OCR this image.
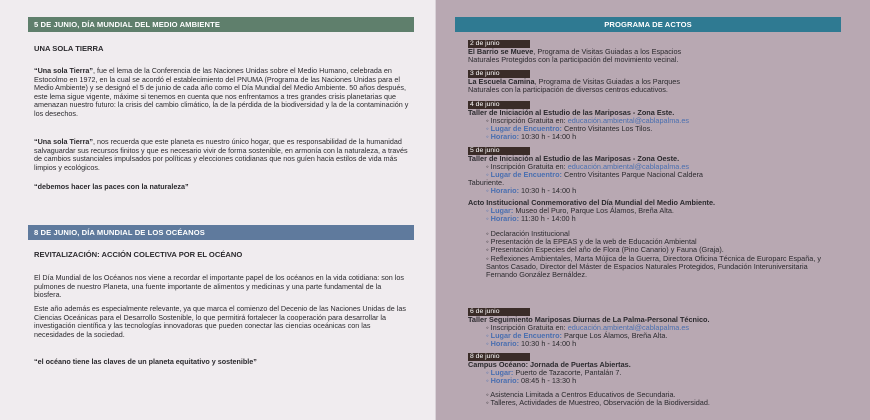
5 DE JUNIO, DÍA MUNDIAL DEL MEDIO AMBIENTE
UNA SOLA TIERRA
“Una sola Tierra”, fue el lema de la Conferencia de las Naciones Unidas sobre el Medio Humano, celebrada en Estocolmo en 1972, en la cual se acordó el establecimiento del PNUMA (Programa de las Naciones Unidas para el Medio Ambiente) y se designó el 5 de junio de cada año como el Día Mundial del Medio Ambiente. 50 años después, este lema sigue vigente, máxime si tenemos en cuenta que nos enfrentamos a tres grandes crisis planetarias que amenazan nuestro futuro: la crisis del cambio climático, la de la pérdida de la biodiversidad y la de la contaminación y los desechos.
“Una sola Tierra”, nos recuerda que este planeta es nuestro único hogar, que es responsabilidad de la humanidad salvaguardar sus recursos finitos y que es necesario vivir de forma sostenible, en armonía con la naturaleza, a través de cambios sustanciales impulsados por políticas y elecciones cotidianas que nos guíen hacia estilos de vida más limpios y ecológicos.
“debemos hacer las paces con la naturaleza”
8 DE JUNIO, DÍA MUNDIAL DE LOS OCÉANOS
REVITALIZACIÓN: ACCIÓN COLECTIVA POR EL OCÉANO
El Día Mundial de los Océanos nos viene a recordar el importante papel de los océanos en la vida cotidiana: son los pulmones de nuestro Planeta, una fuente importante de alimentos y medicinas y una parte fundamental de la biosfera.
Este año además es especialmente relevante, ya que marca el comienzo del Decenio de las Naciones Unidas de las Ciencias Oceánicas para el Desarrollo Sostenible, lo que permitirá fortalecer la cooperación para desarrollar la investigación científica y las tecnologías innovadoras que pueden conectar las ciencias oceánicas con las necesidades de la sociedad.
“el océano tiene las claves de un planeta equitativo y sostenible”
PROGRAMA DE ACTOS
2 de junio
El Barrio se Mueve, Programa de Visitas Guiadas a los Espacios
Naturales Protegidos con la participación del movimiento vecinal.
3 de junio
La Escuela Camina, Programa de Visitas Guiadas a los Parques
Naturales con la participación de diversos centros educativos.
4 de junio
Taller de Iniciación al Estudio de las Mariposas - Zona Este.
◦ Inscripción Gratuita en: educación.ambiental@cablapalma.es
◦ Lugar de Encuentro: Centro Visitantes Los Tilos.
◦ Horario: 10:30 h - 14:00 h
5 de junio
Taller de Iniciación al Estudio de las Mariposas - Zona Oeste.
◦ Inscripción Gratuita en: educación.ambiental@cablapalma.es
◦ Lugar de Encuentro: Centro Visitantes Parque Nacional Caldera
Taburiente.
◦ Horario: 10:30 h - 14:00 h
Acto Institucional Conmemorativo del Día Mundial del Medio Ambiente.
◦ Lugar: Museo del Puro, Parque Los Álamos, Breña Alta.
◦ Horario: 11:30 h - 14:00 h
◦ Declaración Institucional
◦ Presentación de la EPEAS y de la web de Educación Ambiental
◦ Presentación Especies del año de Flora (Pino Canario) y Fauna (Graja).
◦ Reflexiones Ambientales, Marta Mújica de la Guerra, Directora Oficina Técnica de Europarc España, y Santos Casado, Director del Máster de Espacios Naturales Protegidos, Fundación Interuniversitaria Fernando González Bernáldez.
6 de junio
Taller Seguimiento Mariposas Diurnas de La Palma-Personal Técnico.
◦ Inscripción Gratuita en: educación.ambiental@cablapalma.es
◦ Lugar de Encuentro: Parque Los Álamos, Breña Alta.
◦ Horario: 10:30 h - 14:00 h
8 de junio
Campus Océano: Jornada de Puertas Abiertas.
◦ Lugar: Puerto de Tazacorte, Pantalán 7.
◦ Horario: 08:45 h - 13:30 h
◦ Asistencia Limitada a Centros Educativos de Secundaria.
◦ Talleres, Actividades de Muestreo, Observación de la Biodiversidad.
